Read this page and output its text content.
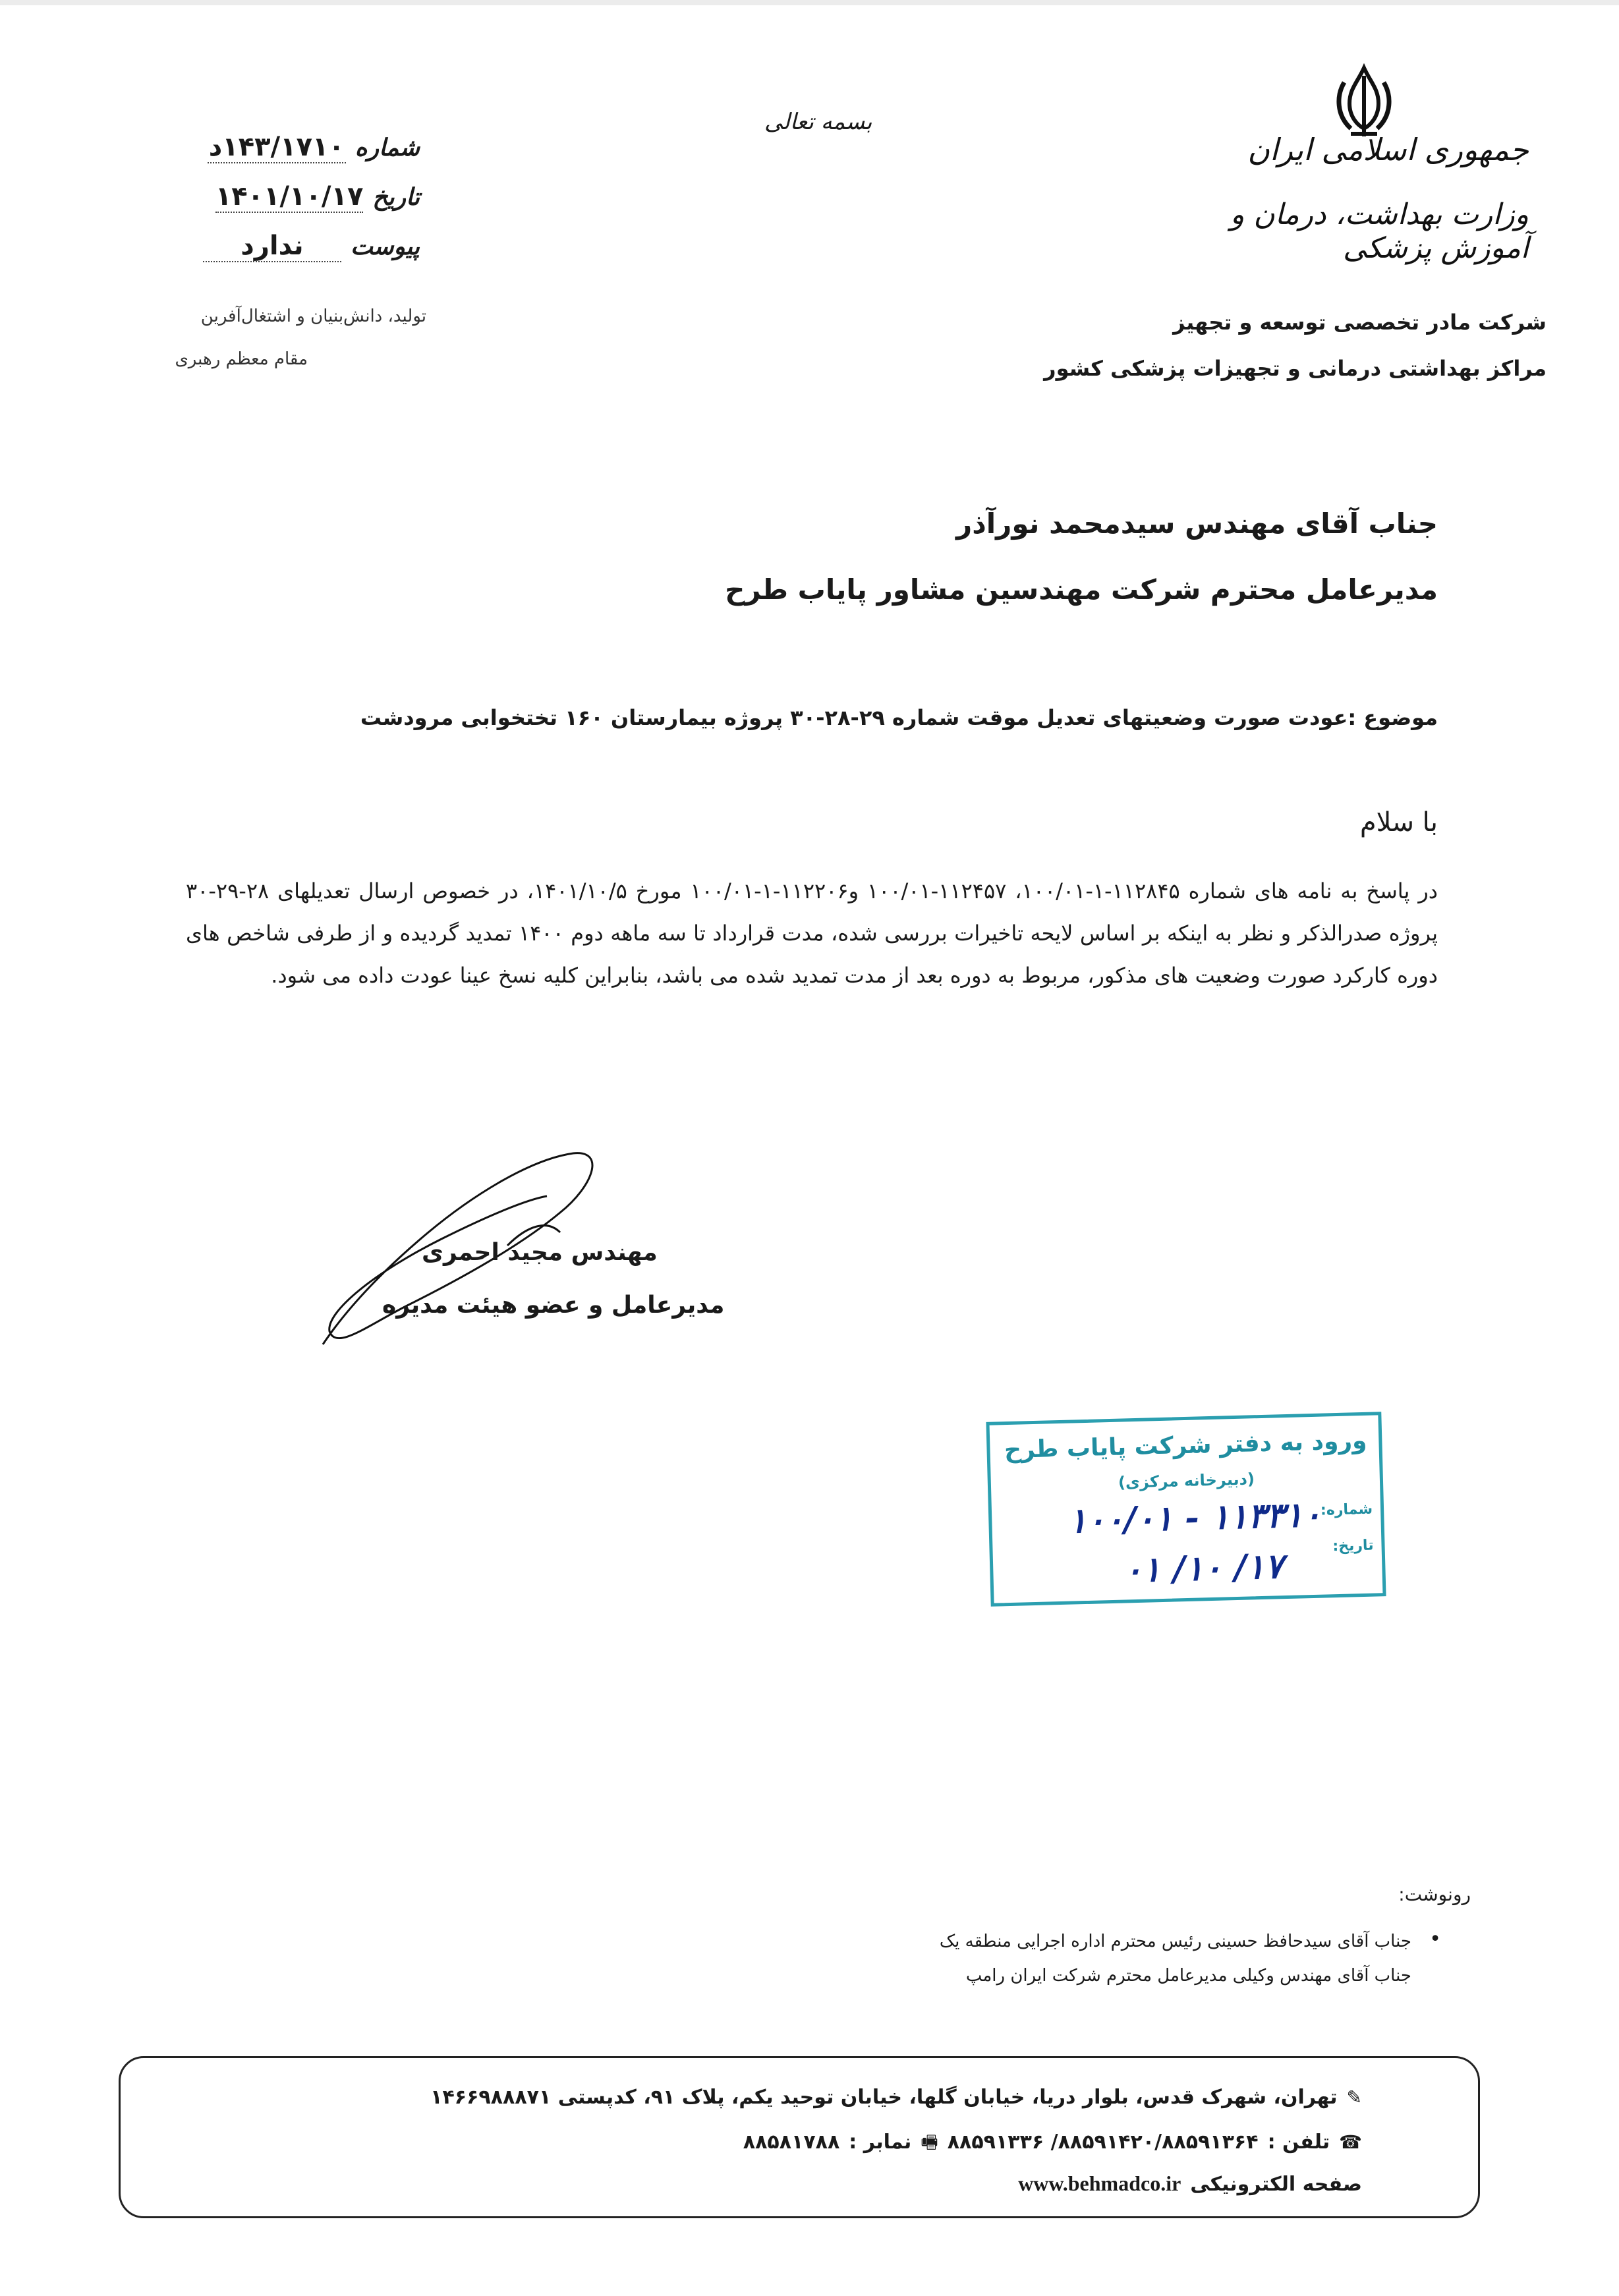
جمهوری اسلامی ایران
وزارت بهداشت، درمان و آموزش پزشکی
شرکت مادر تخصصی توسعه و تجهیز
مراکز بهداشتی درمانی و تجهیزات پزشکی کشور
بسمه تعالی
شماره
۱۴۳/۱۷۱۰د
تاریخ
۱۴۰۱/۱۰/۱۷
پیوست
ندارد
تولید، دانش‌بنیان و اشتغال‌آفرین
مقام معظم رهبری
جناب آقای مهندس سیدمحمد نورآذر
مدیرعامل محترم شرکت مهندسین مشاور پایاب طرح
موضوع :عودت صورت وضعیتهای تعدیل موقت شماره ۲۹-۲۸-۳۰ پروژه بیمارستان ۱۶۰ تختخوابی مرودشت
با سلام
در پاسخ به نامه های شماره ۱۱۲۸۴۵-۱-۱۰۰/۰۱، ۱۱۲۴۵۷-۱۰۰/۰۱ و۱۱۲۲۰۶-۱-۱۰۰/۰۱ مورخ ۱۴۰۱/۱۰/۵، در خصوص ارسال تعدیلهای ۲۸-۲۹-۳۰ پروژه صدرالذکر و نظر به اینکه بر اساس لایحه تاخیرات بررسی شده، مدت قرارداد تا سه ماهه دوم ۱۴۰۰ تمدید گردیده و از طرفی شاخص های دوره کارکرد صورت وضعیت های مذکور، مربوط به دوره بعد از مدت تمدید شده می باشد، بنابراین کلیه نسخ عینا عودت داده می شود.
مهندس مجید احمری
مدیرعامل و عضو هیئت مدیره
ورود به دفتر شرکت پایاب طرح
(دبیرخانه مرکزی)
شماره:
تاریخ:
۱۱۳۳۱۰ - ۱۰۰/۰۱
۱۷/ ۱۰/ ۰۱
رونوشت:
•
جناب آقای سیدحافظ حسینی رئیس محترم اداره اجرایی منطقه یک
جناب آقای مهندس وکیلی مدیرعامل محترم شرکت ایران رامپ
✎
تهران، شهرک قدس، بلوار دریا، خیابان گلها، خیابان توحید یکم، پلاک ۹۱، کدپستی ۱۴۶۶۹۸۸۸۷۱
☎
تلفن :
۸۸۵۹۱۴۲۰/۸۸۵۹۱۳۶۴/ ۸۸۵۹۱۳۳۶
🖷
نمابر :
۸۸۵۸۱۷۸۸
صفحه الکترونیکی
www.behmadco.ir
